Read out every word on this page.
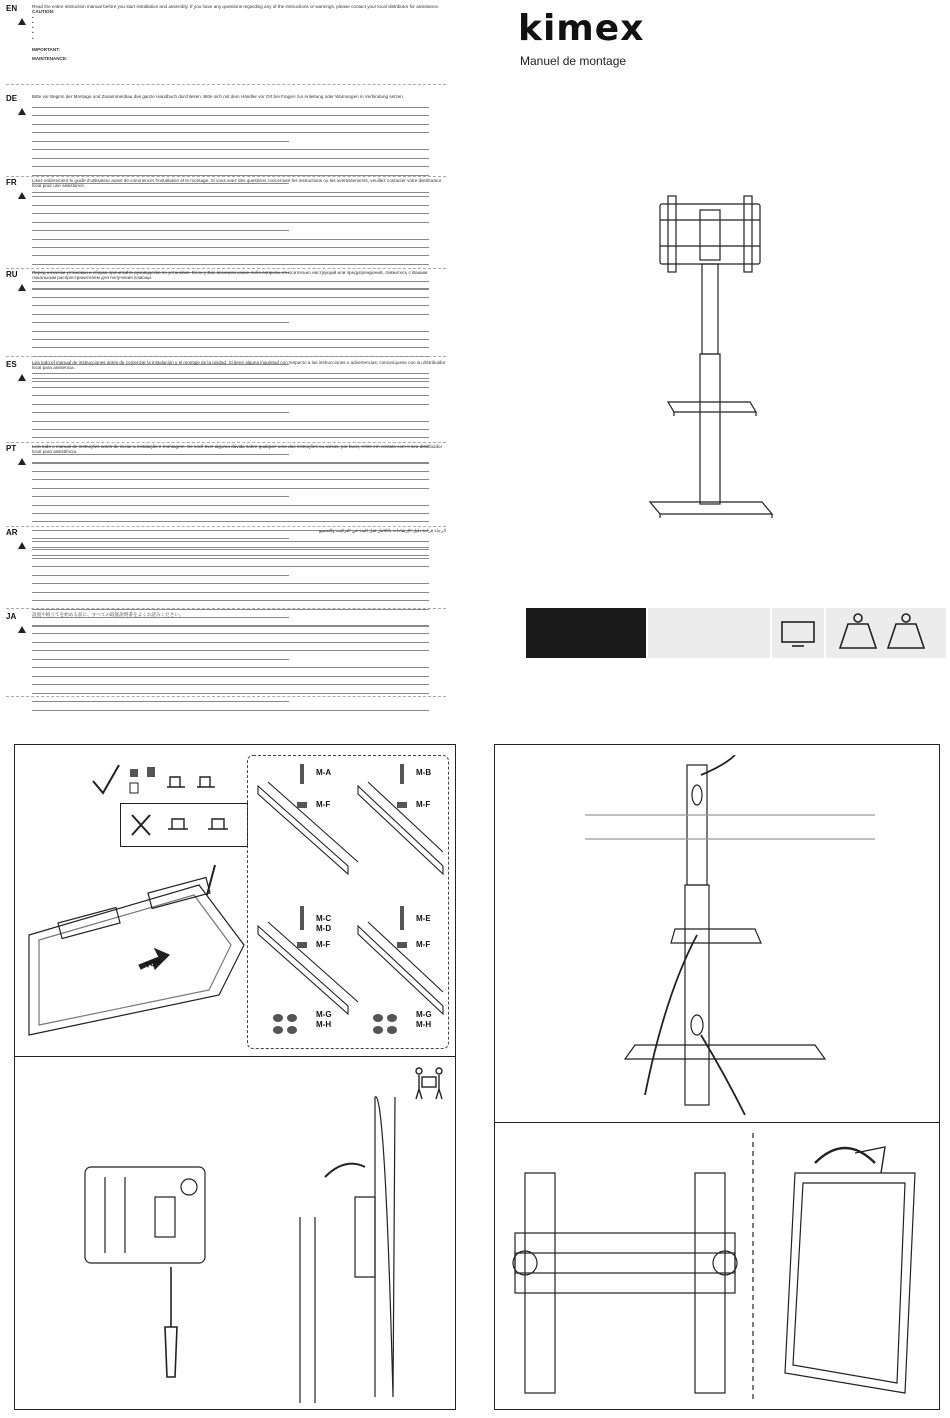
EN	Read the entire instruction manual before you start installation and assembly. If you have any questions regarding any of the instructions or warnings, please contact your local distributor for assistance.
CAUTION:
•
•
•
•
•
IMPORTANT:
MAINTENANCE:
DE	Bitte vor Beginn der Montage und Zusammenbau das ganze Handbuch durchlesen. Bitte sich mit dem Händler vor Ort bei Fragen zur Anleitung oder Warnungen in Verbindung setzen.
FR	Lisez entièrement le guide d'utilisateur avant de commencer l'installation et le montage. Si vous avez des questions concernant les instructions ou les avertissements, veuillez contacter votre distributeur local pour une assistance.
RU	Перед началом установки и сборки прочитайте руководство по установке. Если у Вас возникли какие-либо вопросы относительно инструкций или предупреждений, свяжитесь с Вашим локальным распространителем для получения помощи.
ES	Lea todo el manual de instrucciones antes de comenzar la instalación y el montaje de la unidad. Si tiene alguna inquietud con respecto a las instrucciones o advertencias, comuníquese con su distribuidor local para asistencia.
PT	Leia todo o manual de instruções antes de iniciar a instalação e montagem. Se você tiver alguma dúvida sobre qualquer uma das instruções ou avisos, por favor, entre em contato com o seu distribuidor local para assistência.
AR	الرجاء قراءة دليل الإرشادات بالكامل قبل البدء في التركيب والتجميع
JA	設置や組立てを始める前に、すべての取扱説明書をよくお読みください。
kimex
Manuel de montage
TOP
M-A	M-B
M-F	M-F
M-C
M-D
M-E
M-F	M-F
M-G
M-H
M-G
M-H
